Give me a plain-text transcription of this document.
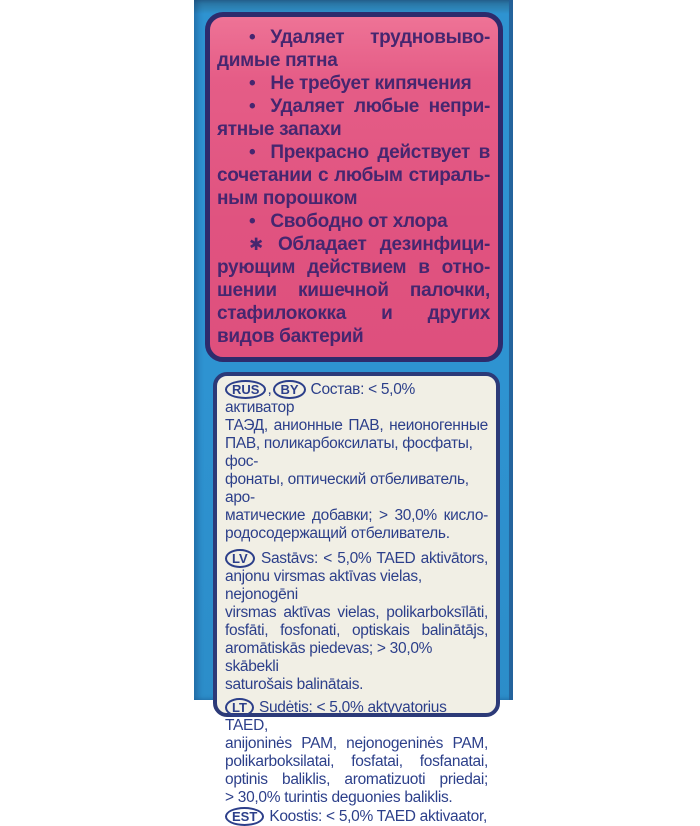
• Удаляет трудновыво-
димые пятна
• Не требует кипячения
• Удаляет любые непри-
ятные запахи
• Прекрасно действует в
сочетании с любым стираль-
ным порошком
• Свободно от хлора
✱ Обладает дезинфици-
рующим действием в отно-
шении кишечной палочки,
стафилококка и других
видов бактерий
RUS , BY Состав: < 5,0% активатор
ТАЭД, анионные ПАВ, неионогенные
ПАВ, поликарбоксилаты, фосфаты, фос-
фонаты, оптический отбеливатель, аро-
матические добавки; > 30,0% кисло-
родосодержащий отбеливатель.
LV Sastāvs: < 5,0% TAED aktivātors,
anjonu virsmas aktīvas vielas, nejonogēni
virsmas aktīvas vielas, polikarboksīlāti,
fosfāti, fosfonati, optiskais balinātājs,
aromātiskās piedevas; > 30,0% skābekli
saturošais balinātais.
LT Sudėtis: < 5,0% aktyvatorius TAED,
anijoninės PAM, nejonogeninės PAM,
polikarboksilatai, fosfatai, fosfanatai,
optinis baliklis, aromatizuoti priedai;
> 30,0% turintis deguonies baliklis.
EST Koostis: < 5,0% TAED aktivaator,
